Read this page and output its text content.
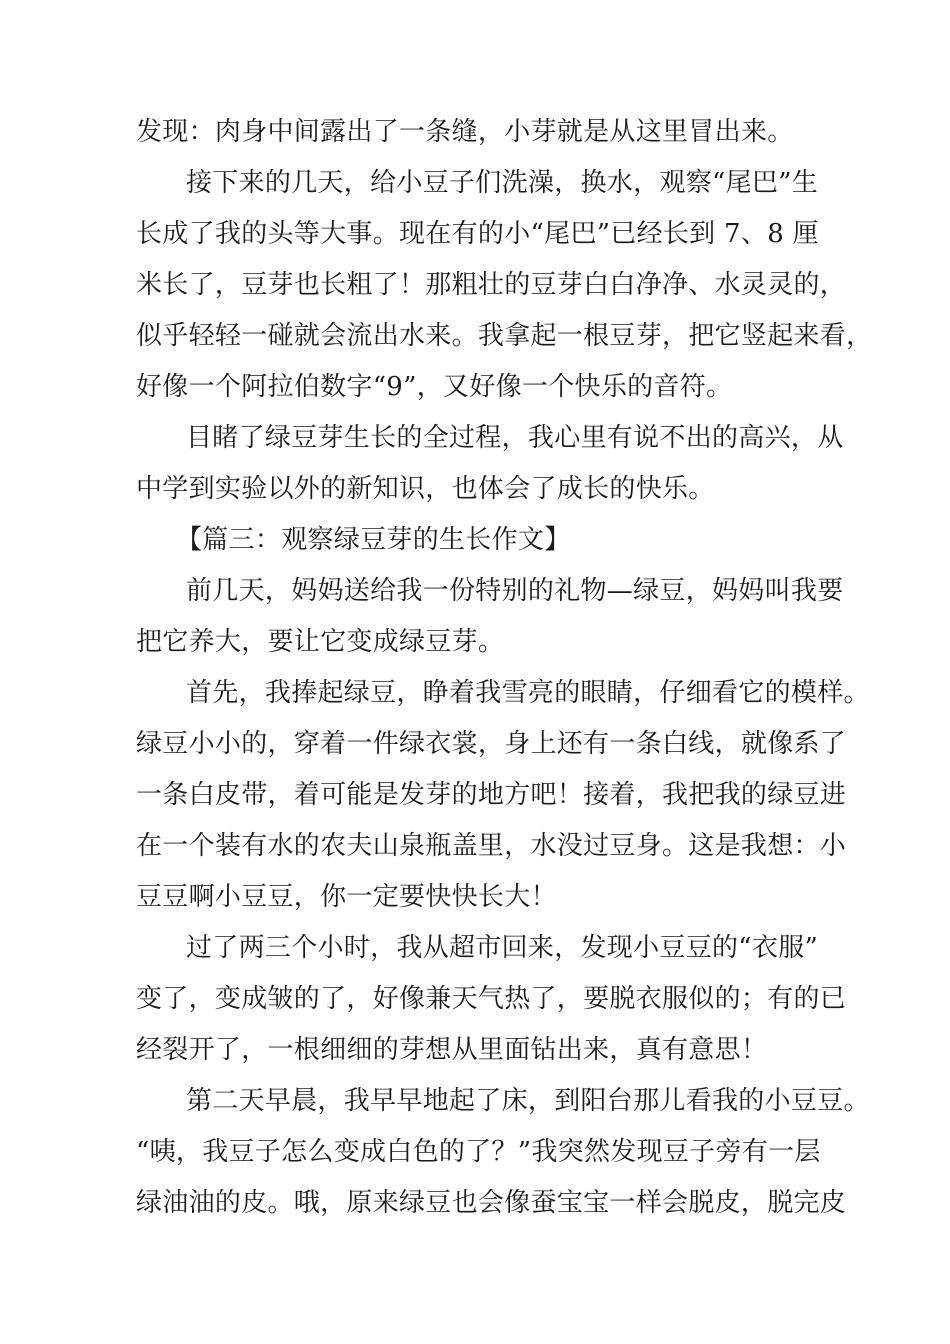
发现：肉身中间露出了一条缝，小芽就是从这里冒出来。
接下来的几天，给小豆子们洗澡，换水，观察“尾巴”生
长成了我的头等大事。现在有的小“尾巴”已经长到 7、8 厘
米长了，豆芽也长粗了！那粗壮的豆芽白白净净、水灵灵的，
似乎轻轻一碰就会流出水来。我拿起一根豆芽，把它竖起来看，
好像一个阿拉伯数字“9”，又好像一个快乐的音符。
目睹了绿豆芽生长的全过程，我心里有说不出的高兴，从
中学到实验以外的新知识，也体会了成长的快乐。
【篇三：观察绿豆芽的生长作文】
前几天，妈妈送给我一份特别的礼物—绿豆，妈妈叫我要
把它养大，要让它变成绿豆芽。
首先，我捧起绿豆，睁着我雪亮的眼睛，仔细看它的模样。
绿豆小小的，穿着一件绿衣裳，身上还有一条白线，就像系了
一条白皮带，着可能是发芽的地方吧！接着，我把我的绿豆进
在一个装有水的农夫山泉瓶盖里，水没过豆身。这是我想：小
豆豆啊小豆豆，你一定要快快长大！
过了两三个小时，我从超市回来，发现小豆豆的“衣服”
变了，变成皱的了，好像兼天气热了，要脱衣服似的；有的已
经裂开了，一根细细的芽想从里面钻出来，真有意思！
第二天早晨，我早早地起了床，到阳台那儿看我的小豆豆。
“咦，我豆子怎么变成白色的了？”我突然发现豆子旁有一层
绿油油的皮。哦，原来绿豆也会像蚕宝宝一样会脱皮，脱完皮
